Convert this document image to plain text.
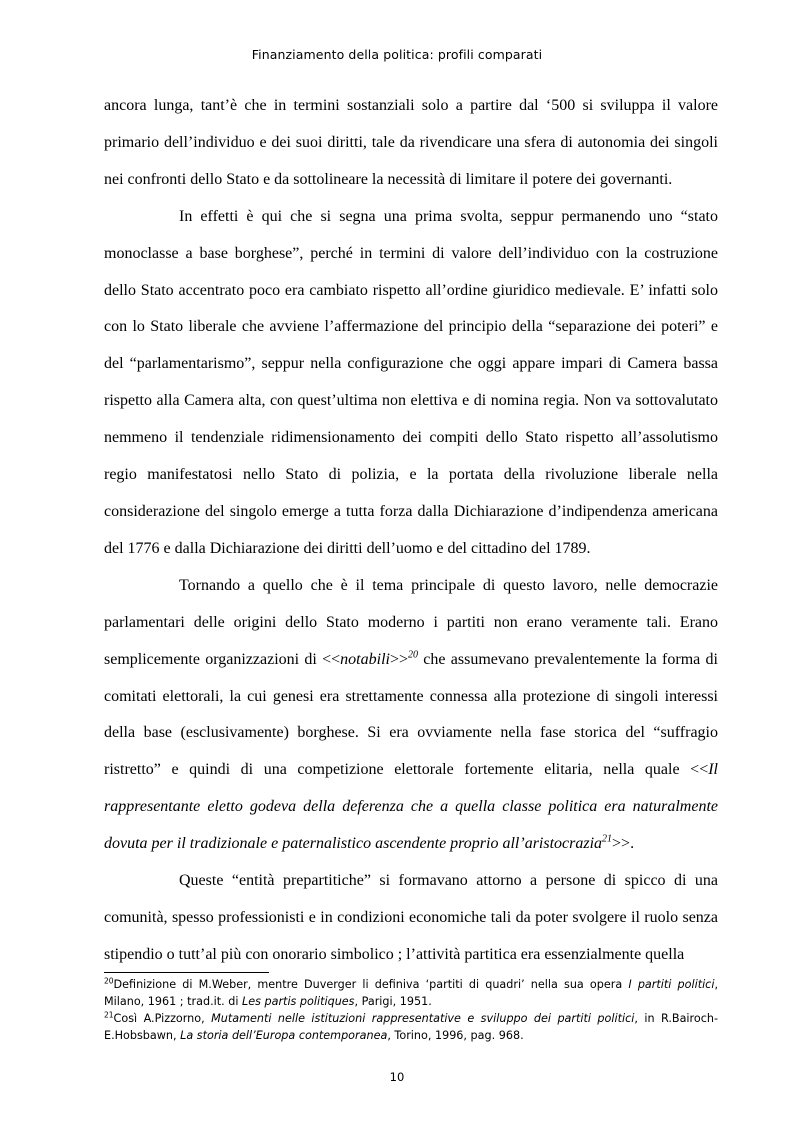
Finanziamento della politica: profili comparati

ancora lunga, tant’è che in termini sostanziali solo a partire dal ‘500 si sviluppa il valore primario dell’individuo e dei suoi diritti, tale da rivendicare una sfera di autonomia dei singoli nei confronti dello Stato e da sottolineare la necessità di limitare il potere dei governanti.

In effetti è qui che si segna una prima svolta, seppur permanendo uno “stato monoclasse a base borghese”, perché in termini di valore dell’individuo con la costruzione dello Stato accentrato poco era cambiato rispetto all’ordine giuridico medievale. E’ infatti solo con lo Stato liberale che avviene l’affermazione del principio della “separazione dei poteri” e del “parlamentarismo”, seppur nella configurazione che oggi appare impari di Camera bassa rispetto alla Camera alta, con quest’ultima non elettiva e di nomina regia. Non va sottovalutato nemmeno il tendenziale ridimensionamento dei compiti dello Stato rispetto all’assolutismo regio manifestatosi nello Stato di polizia, e la portata della rivoluzione liberale nella considerazione del singolo emerge a tutta forza dalla Dichiarazione d’indipendenza americana del 1776 e dalla Dichiarazione dei diritti dell’uomo e del cittadino del 1789.

Tornando a quello che è il tema principale di questo lavoro, nelle democrazie parlamentari delle origini dello Stato moderno i partiti non erano veramente tali. Erano semplicemente organizzazioni di <<notabili>>$^{20}$ che assumevano prevalentemente la forma di comitati elettorali, la cui genesi era strettamente connessa alla protezione di singoli interessi della base (esclusivamente) borghese. Si era ovviamente nella fase storica del “suffragio ristretto” e quindi di una competizione elettorale fortemente elitaria, nella quale <<Il rappresentante eletto godeva della deferenza che a quella classe politica era naturalmente dovuta per il tradizionale e paternalistico ascendente proprio all’aristocrazia$^{21}$>>.

Queste “entità prepartitiche” si formavano attorno a persone di spicco di una comunità, spesso professionisti e in condizioni economiche tali da poter svolgere il ruolo senza stipendio o tutt’al più con onorario simbolico ; l’attività partitica era essenzialmente quella

$^{20}$Definizione di M.Weber, mentre Duverger li definiva ‘partiti di quadri’ nella sua opera I partiti politici, Milano, 1961 ; trad.it. di Les partis politiques, Parigi, 1951.

$^{21}$Così A.Pizzorno, Mutamenti nelle istituzioni rappresentative e sviluppo dei partiti politici, in R.Bairoch-E.Hobsbawn, La storia dell’Europa contemporanea, Torino, 1996, pag. 968.

10
